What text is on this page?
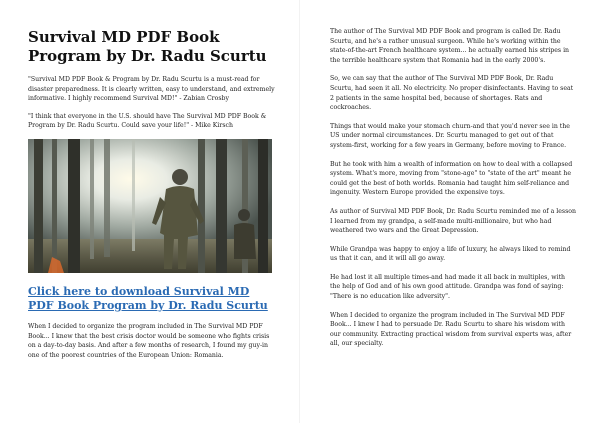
Survival MD PDF Book Program by Dr. Radu Scurtu

"Survival MD PDF Book & Program by Dr. Radu Scurtu is a must-read for disaster preparedness. It is clearly written, easy to understand, and extremely informative. I highly recommend Survival MD!" - Zabian Crosby

"I think that everyone in the U.S. should have The Survival MD PDF Book & Program by Dr. Radu Scurtu. Could save your life!" - Mike Kirsch

Click here to download Survival MD PDF Book Program by Dr. Radu Scurtu

When I decided to organize the program included in The Survival MD PDF Book... I knew that the best crisis doctor would be someone who fights crisis on a day-to-day basis. And after a few months of research, I found my guy-in one of the poorest countries of the European Union: Romania.

The author of The Survival MD PDF Book and program is called Dr. Radu Scurtu, and he's a rather unusual surgeon. While he's working within the state-of-the-art French healthcare system... he actually earned his stripes in the terrible healthcare system that Romania had in the early 2000's.

So, we can say that the author of The Survival MD PDF Book, Dr. Radu Scurtu, had seen it all. No electricity. No proper disinfectants. Having to seat 2 patients in the same hospital bed, because of shortages. Rats and cockroaches.

Things that would make your stomach churn-and that you'd never see in the US under normal circumstances. Dr. Scurtu managed to get out of that system-first, working for a few years in Germany, before moving to France.

But he took with him a wealth of information on how to deal with a collapsed system. What's more, moving from "stone-age" to "state of the art" meant he could get the best of both worlds. Romania had taught him self-reliance and ingenuity. Western Europe provided the expensive toys.

As author of Survival MD PDF Book, Dr. Radu Scurtu reminded me of a lesson I learned from my grandpa, a self-made multi-millionaire, but who had weathered two wars and the Great Depression.

While Grandpa was happy to enjoy a life of luxury, he always liked to remind us that it can, and it will all go away.

He had lost it all multiple times-and had made it all back in multiples, with the help of God and of his own good attitude. Grandpa was fond of saying: "There is no education like adversity".

When I decided to organize the program included in The Survival MD PDF Book... I knew I had to persuade Dr. Radu Scurtu to share his wisdom with our community. Extracting practical wisdom from survival experts was, after all, our specialty.
